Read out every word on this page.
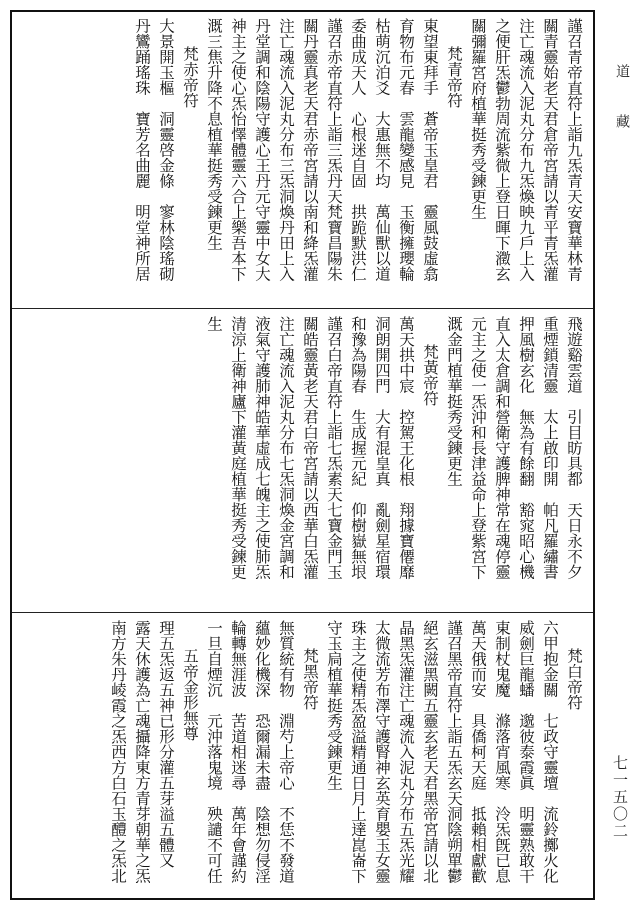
謹召青帝直符上詣九炁青天安寶華林青
關青靈始老天君倉帝宮請以青平青炁灌
注亡魂流入泥丸分布九炁煥映九戶上入
之便肝炁鬱勃周流紫微上登日暉下瀓玄
關彌羅宮府植華挺秀受鍊更生
梵青帝符
東望東拜手　蒼帝玉皇君　靈風鼓虛翕
育物布元春　雲龍變感見　玉衡擁瓔輪
枯萌沉泊爻　大惠無不均　萬仙獸以道
委曲成天人　心根迷自固　拱跪默洪仁
謹召赤帝直符上詣三炁丹天梵寶昌陽朱
關丹靈真老天君赤帝宮請以南和絳炁灌
注亡魂流入泥丸分布三炁洞煥丹田上入
丹堂調和陰陽守護心王丹元守靈中女大
神主之使心炁怡懌體靈六合上樂吾本下
溉三焦升降不息植華挺秀受鍊更生
梵赤帝符
大景開玉樞　洞靈啓金條　寥林陰瑤砌
丹鸞踊瑤珠　寶芳名曲麗　明堂神所居
飛遊谿雲道　引目昉具都　天日永不夕
重煙鎖清靈　太上啟印開　帕凡羅繡書
押風樹玄化　無為有餘翻　豁窕昭心機
直入太倉調和營衛守護脾神常在魂停靈
元主之使一炁沖和長津益命上登紫宮下
溉金門植華挺秀受鍊更生
梵黃帝符
萬天拱中宸　控駕王化根　翔據寶僊靡
洞朗開四門　大有混皇真　亂劍星宿環
和豫為陽春　生成握元紀　仰樹嶽無垠
謹召白帝直符上詣七炁素天七寶金門玉
關皓靈黃老天君白帝宮請以西華白炁灌
注亡魂流入泥丸分布七炁洞煥金宮調和
液氣守護肺神皓華虛成七魄主之使肺炁
清涼上衛神廬下灌黃庭植華挺秀受鍊更
生
梵白帝符
六甲抱金關　七政守靈壇　流鈴擲火化
威劍巨龍蟠　邈彼泰霞眞　明靈熟敢干
東制杖鬼魔　滌落宵風寒　泠炁旣已息
萬天俄而安　具僑柯天庭　抵賴相獻歡
謹召黑帝直符上詣五炁玄天洞陰朔單鬱
絕玄滋黑闕五靈玄老天君黑帝宮請以北
晶黑炁灌注亡魂流入泥丸分布五炁光耀
太微流芳布澤守護腎神玄英育嬰玉女靈
珠主之使精炁盈溢精通日月上達崑崙下
守玉扃植華挺秀受鍊更生
梵黑帝符
無質統有物　淵芍上帝心　不恁不發道
蘊妙化機深　恐爾漏未盡　陰想勿侵淫
輪轉無涯波　苦道相迷尋　萬年會謹約
一旦自煙沉　元沖落鬼境　殃譴不可任
五帝金形無尊
理五炁返五神已形分灌五芽溢五體又
露天休護為亡魂攝降東方青芽朝華之炁
南方朱丹崚霞之炁西方白石玉醴之炁北
道 藏
七一五〇二
